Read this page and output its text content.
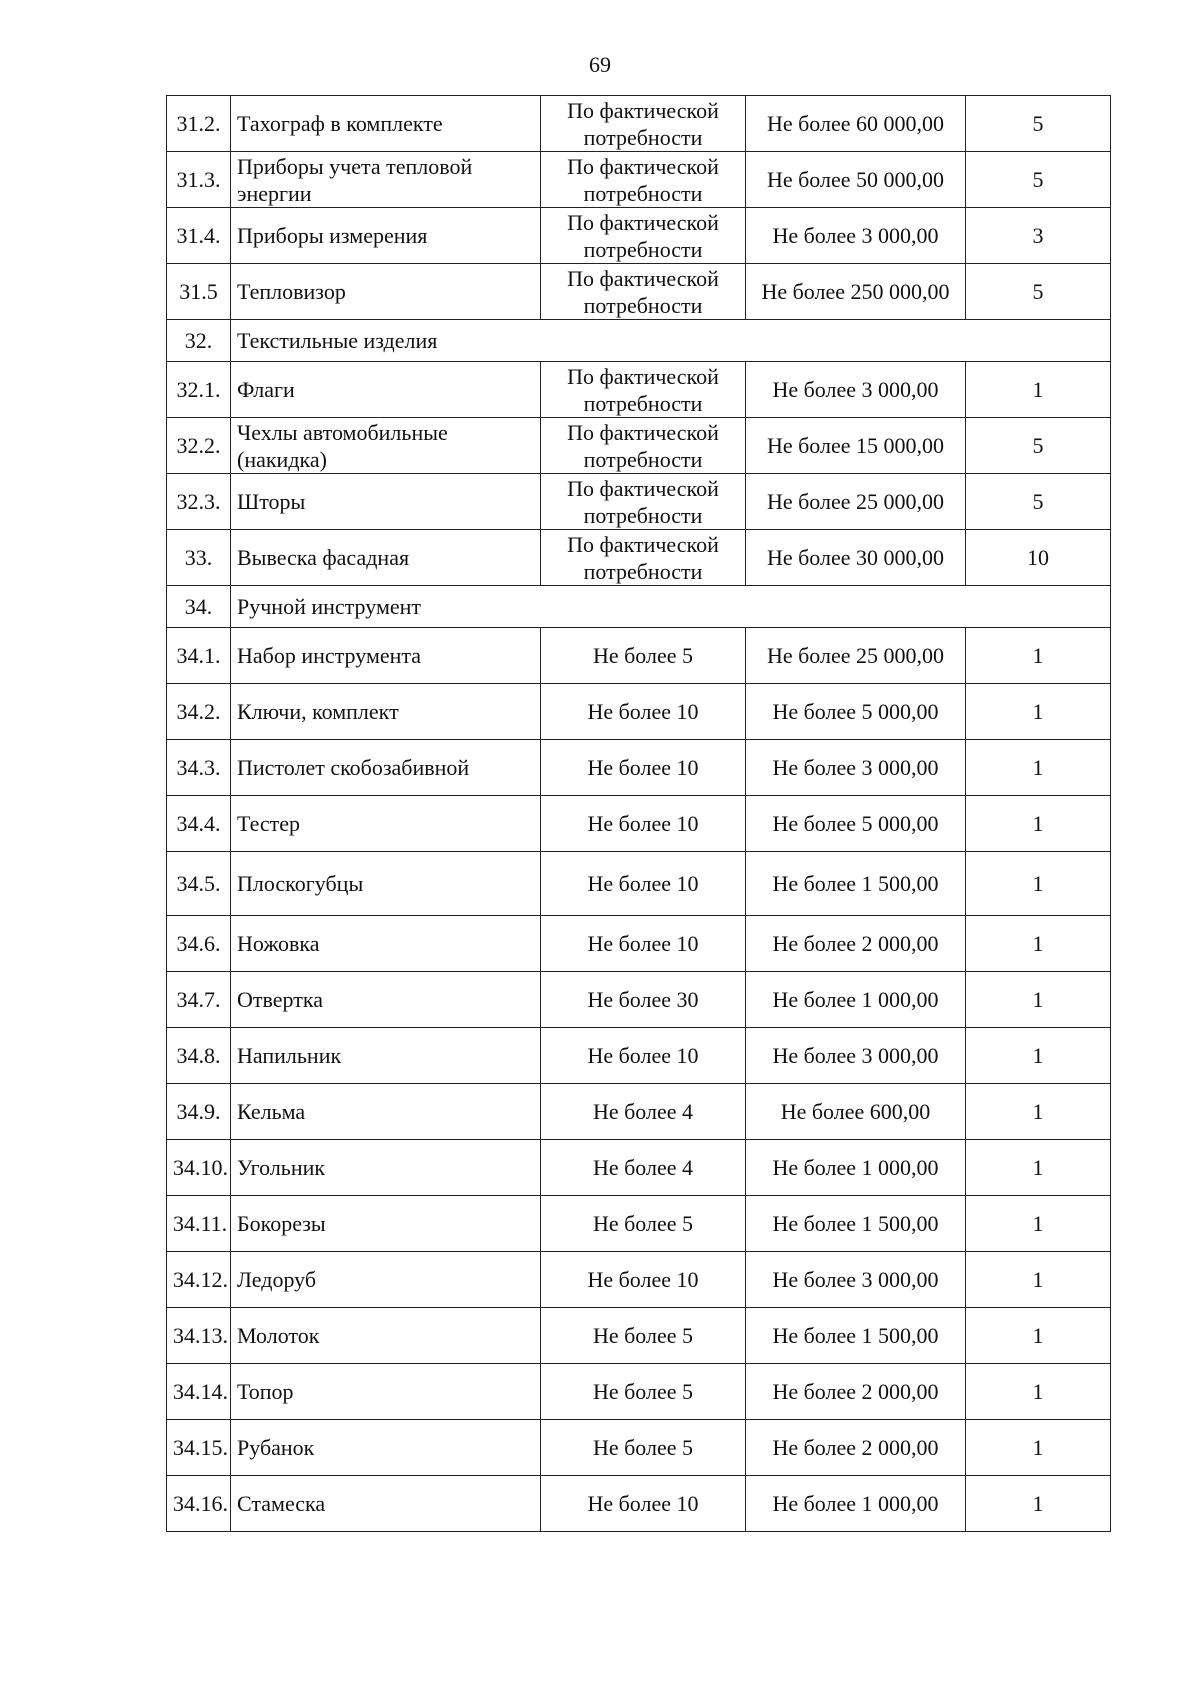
69
31.2.	Тахограф в комплекте	По фактической потребности	Не более 60 000,00	5
31.3.	Приборы учета тепловой энергии	По фактической потребности	Не более 50 000,00	5
31.4.	Приборы измерения	По фактической потребности	Не более 3 000,00	3
31.5	Тепловизор	По фактической потребности	Не более 250 000,00	5
32.	Текстильные изделия			
32.1.	Флаги	По фактической потребности	Не более 3 000,00	1
32.2.	Чехлы автомобильные (накидка)	По фактической потребности	Не более 15 000,00	5
32.3.	Шторы	По фактической потребности	Не более 25 000,00	5
33.	Вывеска фасадная	По фактической потребности	Не более 30 000,00	10
34.	Ручной инструмент			
34.1.	Набор инструмента	Не более 5	Не более 25 000,00	1
34.2.	Ключи, комплект	Не более 10	Не более 5 000,00	1
34.3.	Пистолет скобозабивной	Не более 10	Не более 3 000,00	1
34.4.	Тестер	Не более 10	Не более 5 000,00	1
34.5.	Плоскогубцы	Не более 10	Не более 1 500,00	1
34.6.	Ножовка	Не более 10	Не более 2 000,00	1
34.7.	Отвертка	Не более 30	Не более 1 000,00	1
34.8.	Напильник	Не более 10	Не более 3 000,00	1
34.9.	Кельма	Не более 4	Не более 600,00	1
34.10.	Угольник	Не более 4	Не более 1 000,00	1
34.11.	Бокорезы	Не более 5	Не более 1 500,00	1
34.12.	Ледоруб	Не более 10	Не более 3 000,00	1
34.13.	Молоток	Не более 5	Не более 1 500,00	1
34.14.	Топор	Не более 5	Не более 2 000,00	1
34.15.	Рубанок	Не более 5	Не более 2 000,00	1
34.16.	Стамеска	Не более 10	Не более 1 000,00	1
